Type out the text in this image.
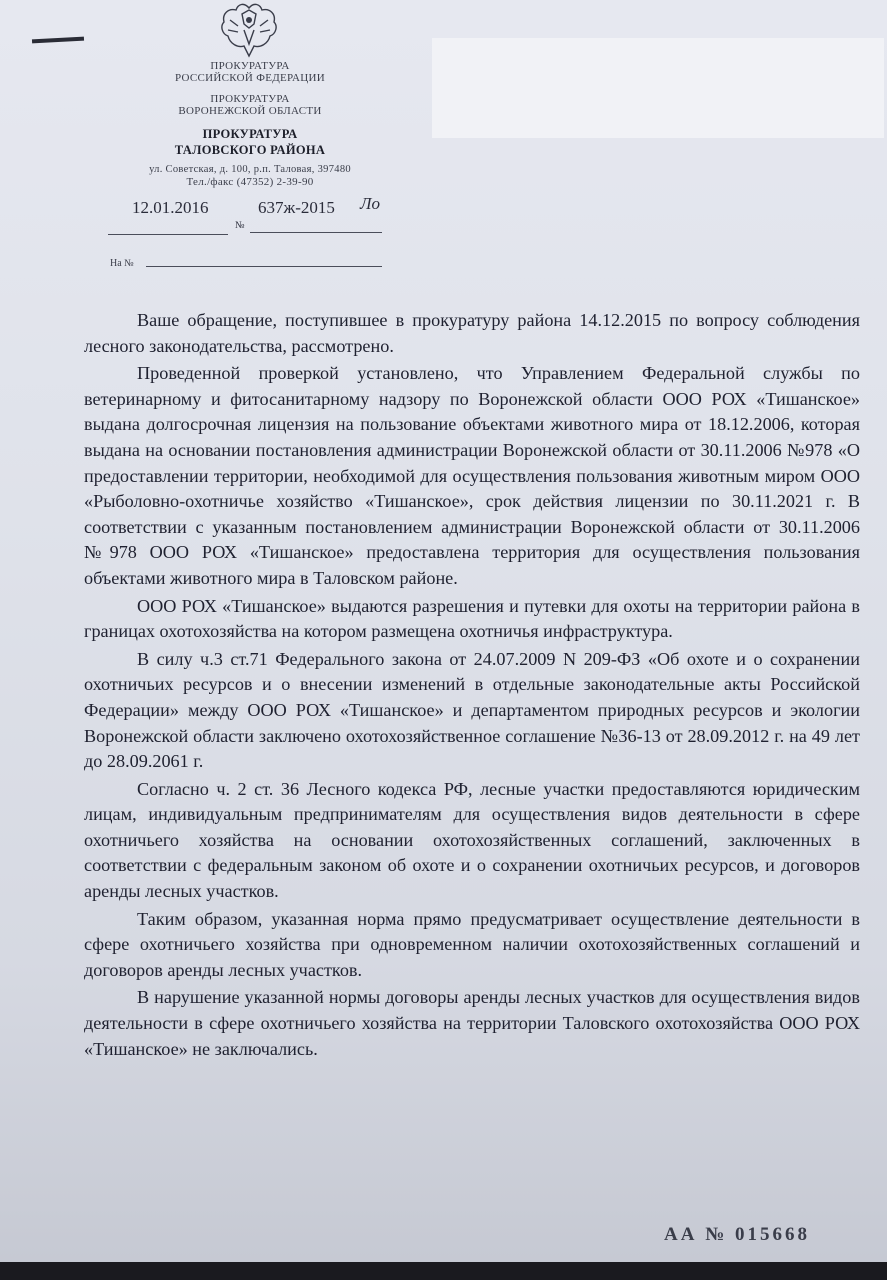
ПРОКУРАТУРА
РОССИЙСКОЙ ФЕДЕРАЦИИ
ПРОКУРАТУРА
ВОРОНЕЖСКОЙ ОБЛАСТИ
ПРОКУРАТУРА
ТАЛОВСКОГО РАЙОНА
ул. Советская, д. 100, р.п. Таловая, 397480
Тел./факс (47352) 2-39-90
12.01.2016
№
637ж-2015 Ло
На №

Ваше обращение, поступившее в прокуратуру района 14.12.2015 по вопросу соблюдения лесного законодательства, рассмотрено.

Проведенной проверкой установлено, что Управлением Федеральной службы по ветеринарному и фитосанитарному надзору по Воронежской области ООО РОХ «Тишанское» выдана долгосрочная лицензия на пользование объектами животного мира от 18.12.2006, которая выдана на основании постановления администрации Воронежской области от 30.11.2006 №978 «О предоставлении территории, необходимой для осуществления пользования животным миром ООО «Рыболовно-охотничье хозяйство «Тишанское», срок действия лицензии по 30.11.2021 г. В соответствии с указанным постановлением администрации Воронежской области от 30.11.2006 №978 ООО РОХ «Тишанское» предоставлена территория для осуществления пользования объектами животного мира в Таловском районе.

ООО РОХ «Тишанское» выдаются разрешения и путевки для охоты на территории района в границах охотохозяйства на котором размещена охотничья инфраструктура.

В силу ч.3 ст.71 Федерального закона от 24.07.2009 N 209-ФЗ «Об охоте и о сохранении охотничьих ресурсов и о внесении изменений в отдельные законодательные акты Российской Федерации» между ООО РОХ «Тишанское» и департаментом природных ресурсов и экологии Воронежской области заключено охотохозяйственное соглашение №36-13 от 28.09.2012 г. на 49 лет до 28.09.2061 г.

Согласно ч. 2 ст. 36 Лесного кодекса РФ, лесные участки предоставляются юридическим лицам, индивидуальным предпринимателям для осуществления видов деятельности в сфере охотничьего хозяйства на основании охотохозяйственных соглашений, заключенных в соответствии с федеральным законом об охоте и о сохранении охотничьих ресурсов, и договоров аренды лесных участков.

Таким образом, указанная норма прямо предусматривает осуществление деятельности в сфере охотничьего хозяйства при одновременном наличии охотохозяйственных соглашений и договоров аренды лесных участков.

В нарушение указанной нормы договоры аренды лесных участков для осуществления видов деятельности в сфере охотничьего хозяйства на территории Таловского охотохозяйства ООО РОХ «Тишанское» не заключались.

АА № 015668
